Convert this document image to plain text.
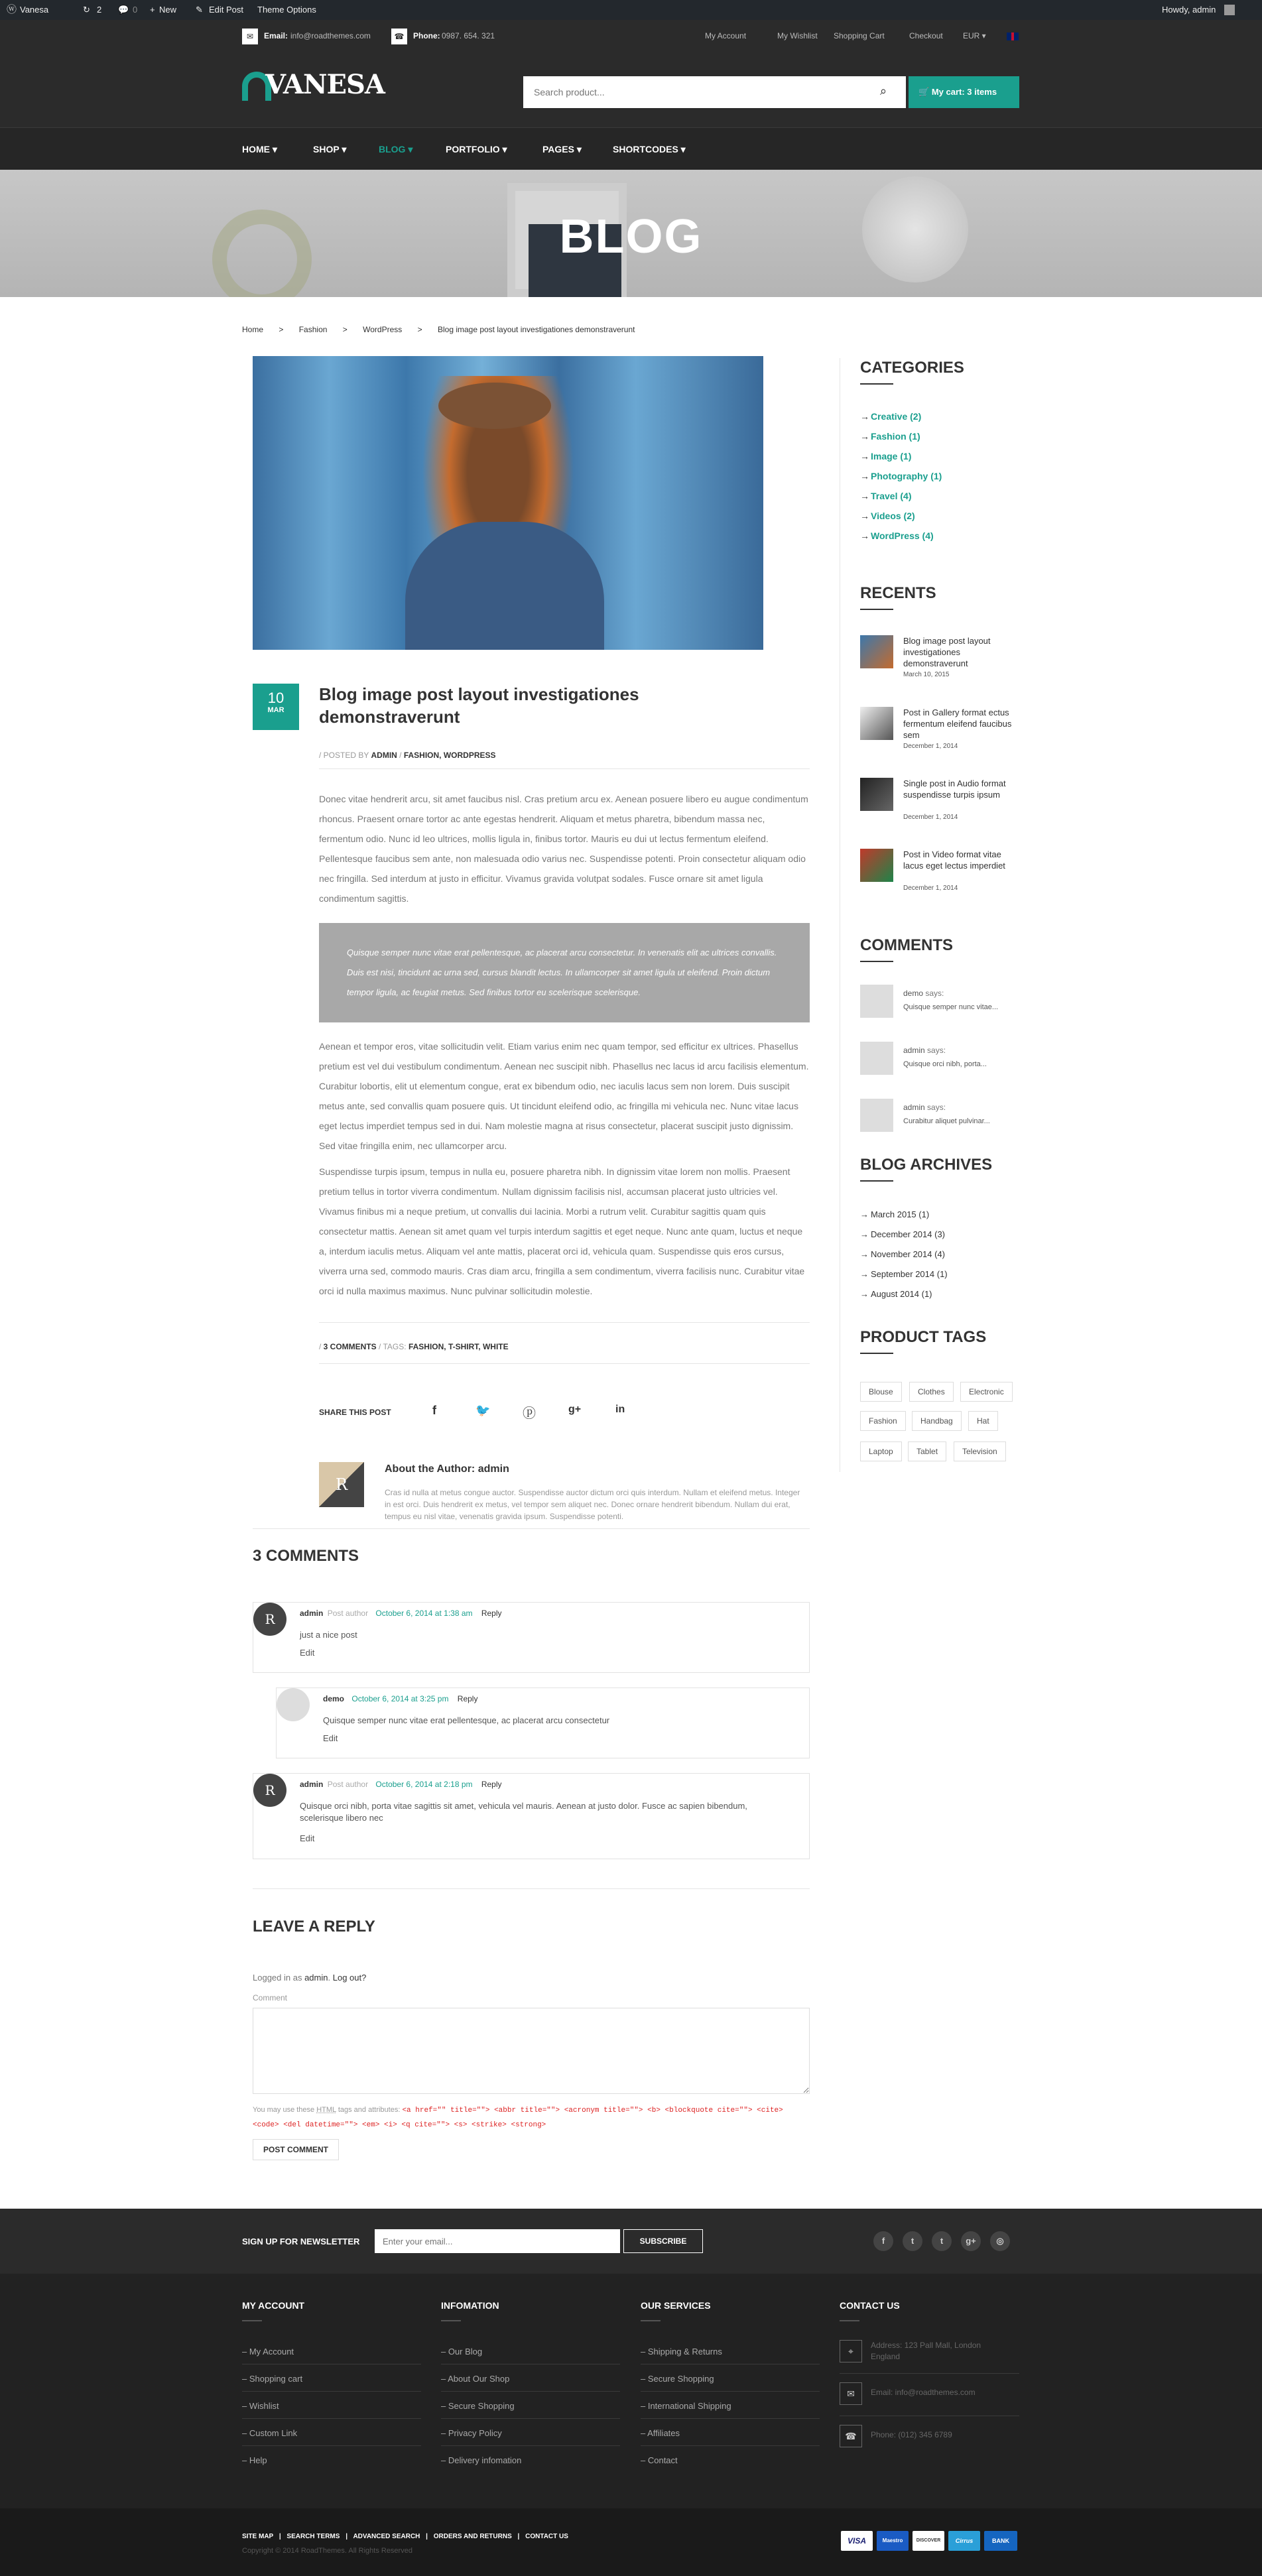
ⓦ Vanesa	↻ 2 💬 0 + New ✎ Edit Post Theme Options	Howdy, admin
✉	Email: info@roadthemes.com	☎	Phone: 0987. 654. 321	My Account	My Wishlist Shopping Cart	Checkout	EUR ▾
VANESA
Search product...	⌕	🛒 My cart: 3 items
HOME ▾	SHOP ▾	BLOG ▾	PORTFOLIO ▾	PAGES ▾	SHORTCODES ▾
BLOG
Home > Fashion > WordPress > Blog image post layout investigationes demonstraverunt
10
MAR
Blog image post layout investigationes demonstraverunt
/ POSTED BY ADMIN / FASHION, WORDPRESS
Donec vitae hendrerit arcu, sit amet faucibus nisl. Cras pretium arcu ex. Aenean posuere libero eu augue condimentum rhoncus. Praesent ornare tortor ac ante egestas hendrerit. Aliquam et metus pharetra, bibendum massa nec, fermentum odio. Nunc id leo ultrices, mollis ligula in, finibus tortor. Mauris eu dui ut lectus fermentum eleifend. Pellentesque faucibus sem ante, non malesuada odio varius nec. Suspendisse potenti. Proin consectetur aliquam odio nec fringilla. Sed interdum at justo in efficitur. Vivamus gravida volutpat sodales. Fusce ornare sit amet ligula condimentum sagittis.
Quisque semper nunc vitae erat pellentesque, ac placerat arcu consectetur. In venenatis elit ac ultrices convallis. Duis est nisi, tincidunt ac urna sed, cursus blandit lectus. In ullamcorper sit amet ligula ut eleifend. Proin dictum tempor ligula, ac feugiat metus. Sed finibus tortor eu scelerisque scelerisque.
Aenean et tempor eros, vitae sollicitudin velit. Etiam varius enim nec quam tempor, sed efficitur ex ultrices. Phasellus pretium est vel dui vestibulum condimentum. Aenean nec suscipit nibh. Phasellus nec lacus id arcu facilisis elementum. Curabitur lobortis, elit ut elementum congue, erat ex bibendum odio, nec iaculis lacus sem non lorem. Duis suscipit metus ante, sed convallis quam posuere quis. Ut tincidunt eleifend odio, ac fringilla mi vehicula nec. Nunc vitae lacus eget lectus imperdiet tempus sed in dui. Nam molestie magna at risus consectetur, placerat suscipit justo dignissim. Sed vitae fringilla enim, nec ullamcorper arcu.
Suspendisse turpis ipsum, tempus in nulla eu, posuere pharetra nibh. In dignissim vitae lorem non mollis. Praesent pretium tellus in tortor viverra condimentum. Nullam dignissim facilisis nisl, accumsan placerat justo ultricies vel. Vivamus finibus mi a neque pretium, ut convallis dui lacinia. Morbi a rutrum velit. Curabitur sagittis quam quis consectetur mattis. Aenean sit amet quam vel turpis interdum sagittis et eget neque. Nunc ante quam, luctus et neque a, interdum iaculis metus. Aliquam vel ante mattis, placerat orci id, vehicula quam. Suspendisse quis eros cursus, viverra urna sed, commodo mauris. Cras diam arcu, fringilla a sem condimentum, viverra facilisis nunc. Curabitur vitae orci id nulla maximus maximus. Nunc pulvinar sollicitudin molestie.
/ 3 COMMENTS / TAGS: FASHION, T-SHIRT, WHITE
SHARE THIS POST	f	🐦 ⓟ	g+	in
R
About the Author: admin
Cras id nulla at metus congue auctor. Suspendisse auctor dictum orci quis interdum. Nullam et eleifend metus. Integer in est orci. Duis hendrerit ex metus, vel tempor sem aliquet nec. Donec ornare hendrerit bibendum. Nullam dui erat, tempus eu nisl vitae, venenatis gravida ipsum. Suspendisse potenti.
3 COMMENTS
R	admin Post author October 6, 2014 at 1:38 am Reply
just a nice post
Edit
demo October 6, 2014 at 3:25 pm Reply
Quisque semper nunc vitae erat pellentesque, ac placerat arcu consectetur
Edit
R	admin Post author October 6, 2014 at 2:18 pm Reply
Quisque orci nibh, porta vitae sagittis sit amet, vehicula vel mauris. Aenean at justo dolor. Fusce ac sapien bibendum, scelerisque libero nec
Edit
LEAVE A REPLY
Logged in as admin. Log out?
Comment
You may use these HTML tags and attributes: <a href="" title=""> <abbr title=""> <acronym title=""> <b> <blockquote cite=""> <cite> <code> <del datetime=""> <em> <i> <q cite=""> <s> <strike> <strong>
POST COMMENT
CATEGORIES
→ Creative (2)
→ Fashion (1)
→ Image (1)
→ Photography (1)
→ Travel (4)
→ Videos (2)
→ WordPress (4)
RECENTS
Blog image post layout investigationes demonstraverunt
March 10, 2015
Post in Gallery format ectus fermentum eleifend faucibus sem
December 1, 2014
Single post in Audio format suspendisse turpis ipsum
December 1, 2014
Post in Video format vitae lacus eget lectus imperdiet
December 1, 2014
COMMENTS
demo says:
Quisque semper nunc vitae...
admin says:
Quisque orci nibh, porta...
admin says:
Curabitur aliquet pulvinar...
BLOG ARCHIVES
→ March 2015 (1)
→ December 2014 (3)
→ November 2014 (4)
→ September 2014 (1)
→ August 2014 (1)
PRODUCT TAGS
Blouse	Clothes	Electronic
Fashion	Handbag	Hat
Laptop	Tablet	Television
SIGN UP FOR NEWSLETTER
Enter your email...	SUBSCRIBE	f	t	t	g+	◎
MY ACCOUNT
– My Account
– Shopping cart
– Wishlist
– Custom Link
– Help
INFOMATION
– Our Blog
– About Our Shop
– Secure Shopping
– Privacy Policy
– Delivery infomation
OUR SERVICES
– Shipping & Returns
– Secure Shopping
– International Shipping
– Affiliates
– Contact
CONTACT US
⌖
Address: 123 Pall Mall, London England
✉	Email: info@roadthemes.com
☎	Phone: (012) 345 6789
SITE MAP | SEARCH TERMS | ADVANCED SEARCH | ORDERS AND RETURNS | CONTACT US
Copyright © 2014 RoadThemes. All Rights Reserved
VISA	Maestro	DISCOVER	Cirrus	BANK
